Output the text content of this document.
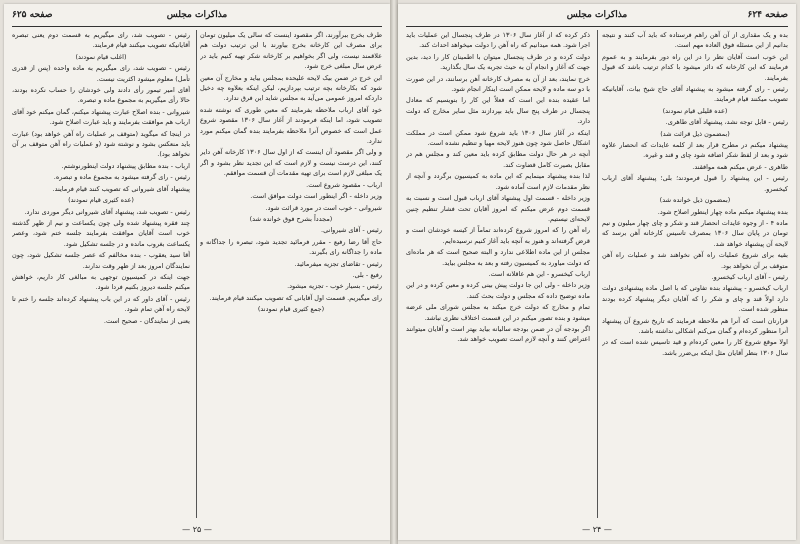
صفحه ۶۲۵	مذاکرات مجلس

طرف بخرج ببرآورند، اگر مقصود اینست که سالی یک میلیون تومان برای مصرف این کارخانه بخرج بیاورند با این ترتیب دولت هم علاقمند نیست، ولی اگر بخواهیم بر کارخانه شکر تهیه کنیم باید در عرض سال مبلغی خرج شود.

این خرج در ضمن بیک لایحه علیحده بمجلس بیاید و مخارج آن معین شود که بکارخانه بچه ترتیب بپردازیم، لیکن اینکه بعلاوه چه دخیل داردکه امروز عمومی می‌آید به مجلس شاید این فرق ندارد.

خود آقای ارباب ملاحظه بفرمایند که معین طوری که نوشته شده تصویب شود، اما اینکه فرمودند از آغاز سال ۱۳۰۶ مقصود شروع عمل است که خصوص آنرا ملاحظه بفرمایند بنده گمان میکنم مورد ندارد.

و ولی اگر مقصود آن اینست که از اول سال ۱۳۰۶ کارخانه آهن دایر کنند، این درست نیست و لازم است که این تجدید نظر بشود و اگر یک مبلغی لازم است برای تهیه مقدمات آن قسمت موافقم.

ارباب - مقصود شروع است.

وزیر داخله - اگر اینطور است دولت موافق است.

شیروانی - خوب است در مورد قرائت شود.

(مجدداً بشرح فوق خوانده شد)

رئیس - آقای شیروانی.

حاج آقا رضا رفیع - مقرر فرمائید تجدید شود، تبصره را جداگانه و ماده را جداگانه رای بگیرند.

رئیس - تقاضای تجزیه میفرمائید.

رفیع - بلی.

رئیس - بسیار خوب - تجزیه میشود.

رای میگیریم. قسمت اول آقایانی که تصویب میکنند قیام فرمایند.

(جمع کثیری قیام نمودند)

رئیس - تصویب شد، رای میگیریم به قسمت دوم یعنی تبصره آقایانیکه تصویب میکنند قیام فرمایند.

(اغلب قیام نمودند)

رئیس - تصویب شد، رای میگیریم به ماده واحده (پس از قدری تأمل) معلوم میشود اکثریت نیست.

آقای امیر تیمور رأی دادند ولی خودشان را حساب نکرده بودند، حالا رأی میگیریم به مجموع ماده و تبصره.

شیروانی - بنده اصلاح عبارت پیشنهاد میکنم، گمان میکنم خود آقای ارباب هم موافقت بفرمایند و باید عبارت اصلاح شود.

در اینجا که میگوید (متوقف بر عملیات راه آهن خواهد بود) عبارت باید منعکس بشود و نوشته شود (و عملیات راه آهن متوقف بر آن نخواهد بود).

ارباب - بنده مطابق پیشنهاد دولت اینطورنوشتم.

رئیس - رای گرفته میشود به مجموع ماده و تبصره.

پیشنهاد آقای شیروانی که تصویب کنند قیام فرمایند.

(عده کثیری قیام نمودند)

رئیس - تصویب شد، پیشنهاد آقای شیروانی دیگر موردی ندارد.

چند فقره پیشنهاد شده ولی چون یکساعت و نیم از ظهر گذشته خوب است آقایان موافقت بفرمایند جلسه ختم شود، وعصر یکساعت بغروب مانده و در جلسه تشکیل شود.

آقا سید یعقوب - بنده مخالفم که عصر جلسه تشکیل شود، چون نمایندگان امروز بعد از ظهر وقت ندارند.

جهت اینکه در کمیسیون توجهی به مبالغی کار داریم، خواهش میکنم جلسه دیروز بکنیم فردا شود.

رئیس - آقای داور که در این باب پیشنهاد کرده‌اند جلسه را ختم تا لایحه راه آهن تمام شود.

یعنی از نمایندگان - صحیح است.

— ۲۵ —
مذاکرات مجلس	صفحه ۶۲۴

بده و یک مقداری از آن آهن راهم فرستاده که باید آب کنند و نتیجه بدانیم از این مسئله فوق العاده مهم است.

این خوب است آقایان نظر را در این راه دور بفرمایند و به عموم فرمایند که این کارخانه که دائر میشود با کدام ترتیب باشد که قبول بفرمایند.

رئیس - رای گرفته میشود به پیشنهاد آقای حاج شیخ بیات، آقایانیکه تصویب میکنند قیام فرمایند.

(عده قلیلی قیام نمودند)

رئیس - قابل توجه نشد، پیشنهاد آقای طاهری.

(بمضمون ذیل قرائت شد)

پیشنهاد میکنم در مطرح قرار بعد از کلمه عایدات که انحصار علاوه شود و بعد از لفظ شکر اضافه شود چای و قند و غیره.

طاهری - عرض میکنم همه موافقند.

رئیس - این پیشنهاد را قبول فرمودند؛ بلی؛ پیشنهاد آقای ارباب کیخسرو.

(بمضمون ذیل خوانده شد)

بنده پیشنهاد میکنم ماده چهار اینطور اصلاح شود.

ماده ۴ - از وجوه عایدات انحصار قند و شکر و چای چهار میلیون و نیم تومان در پایان سال ۱۳۰۶ بمصرف تاسیس کارخانه آهن برسد که لایحه آن پیشنهاد خواهد شد.

بقیه برای شروع عملیات راه آهن نخواهند شد و عملیات راه آهن متوقف بر آن نخواهد بود.

رئیس - آقای ارباب کیخسرو.

ارباب کیخسرو - پیشنهاد بنده تفاوتی که با اصل ماده پیشنهادی دولت دارد اولاً قند و چای و شکر را که آقایان دیگر پیشنهاد کرده بودند منظور شده است.

قرارتان است که آنرا هم ملاحظه فرمایند که تاریخ شروع آن پیشنهاد آنرا منظور کرده‌ام و گمان می‌کنم اشکالی نداشته باشد.

اولا موقع شروع کار را معین کرده‌ام و قید تاسیس شده است که در سال ۱۳۰۶ بنظر آقایان مثل اینکه بی‌ضرر باشد.

ذکر کرده که از آغاز سال ۱۳۰۶ در ظرف پنجسال این عملیات باید اجرا شود. همه میدانیم که راه آهن را دولت میخواهد احداث کند.

دولت کرده و در ظرف پنجسال میتوان با اطمینان کار را دید، بدین جهت که آغاز و انجام آن به حیث تجربه یک سال بگذارید.

خرج نمایند، بعد از آن به مصرف کارخانه آهن برسانند، در این صورت با دو سه ماده و لایحه ممکن است اینکار انجام شود.

اما عقیده بنده این است که فعلاً این کار را بنویسیم که معادل پنجسال در ظرف پنج سال باید بپردازند مثل سایر مخارج که دولت دارد.

اینکه در آغاز سال ۱۳۰۶ باید شروع شود ممکن است در مملکت اشکال حاصل شود چون هنوز لایحه مهیا و تنظیم نشده است.

آنچه در هر حال دولت مطابق کرده باید معین کند و مجلس هم در مقابل بصیرت کامل قضاوت کند.

لذا بنده پیشنهاد مینمایم که این ماده به کمیسیون برگردد و آنچه از نظر مقدمات لازم است آماده شود.

وزیر داخله - قسمت اول پیشنهاد آقای ارباب قبول است و نسبت به قسمت دوم عرض میکنم که امروز آقایان تحت فشار تنظیم چنین لایحه‌ای نیستیم.

راه آهن را که امروز شروع کرده‌اند تماماً از کیسه خودشان است و قرض گرفته‌اند و هنوز به آنچه باید آغاز کنیم نرسیده‌ایم.

مجلس از این ماده اطلاعی ندارد و البته صحیح است که هر ماده‌ای که دولت میاورد به کمیسیون رفته و بعد به مجلس بیاید.

ارباب کیخسرو - این هم عاقلانه است.

وزیر داخله - ولی این جا دولت پیش بینی کرده و معین کرده و در این ماده توضیح داده که مجلس و دولت بحث کنند.

تمام و مخارج که دولت خرج میکند به مجلس شورای ملی عرضه میشود و بنده تصور میکنم در این قسمت اختلاف نظری نباشد.

اگر بودجه آن در ضمن بودجه سالیانه بیاید بهتر است و آقایان میتوانند اعتراض کنند و آنچه لازم است تصویب خواهد شد.

— ۲۴ —
